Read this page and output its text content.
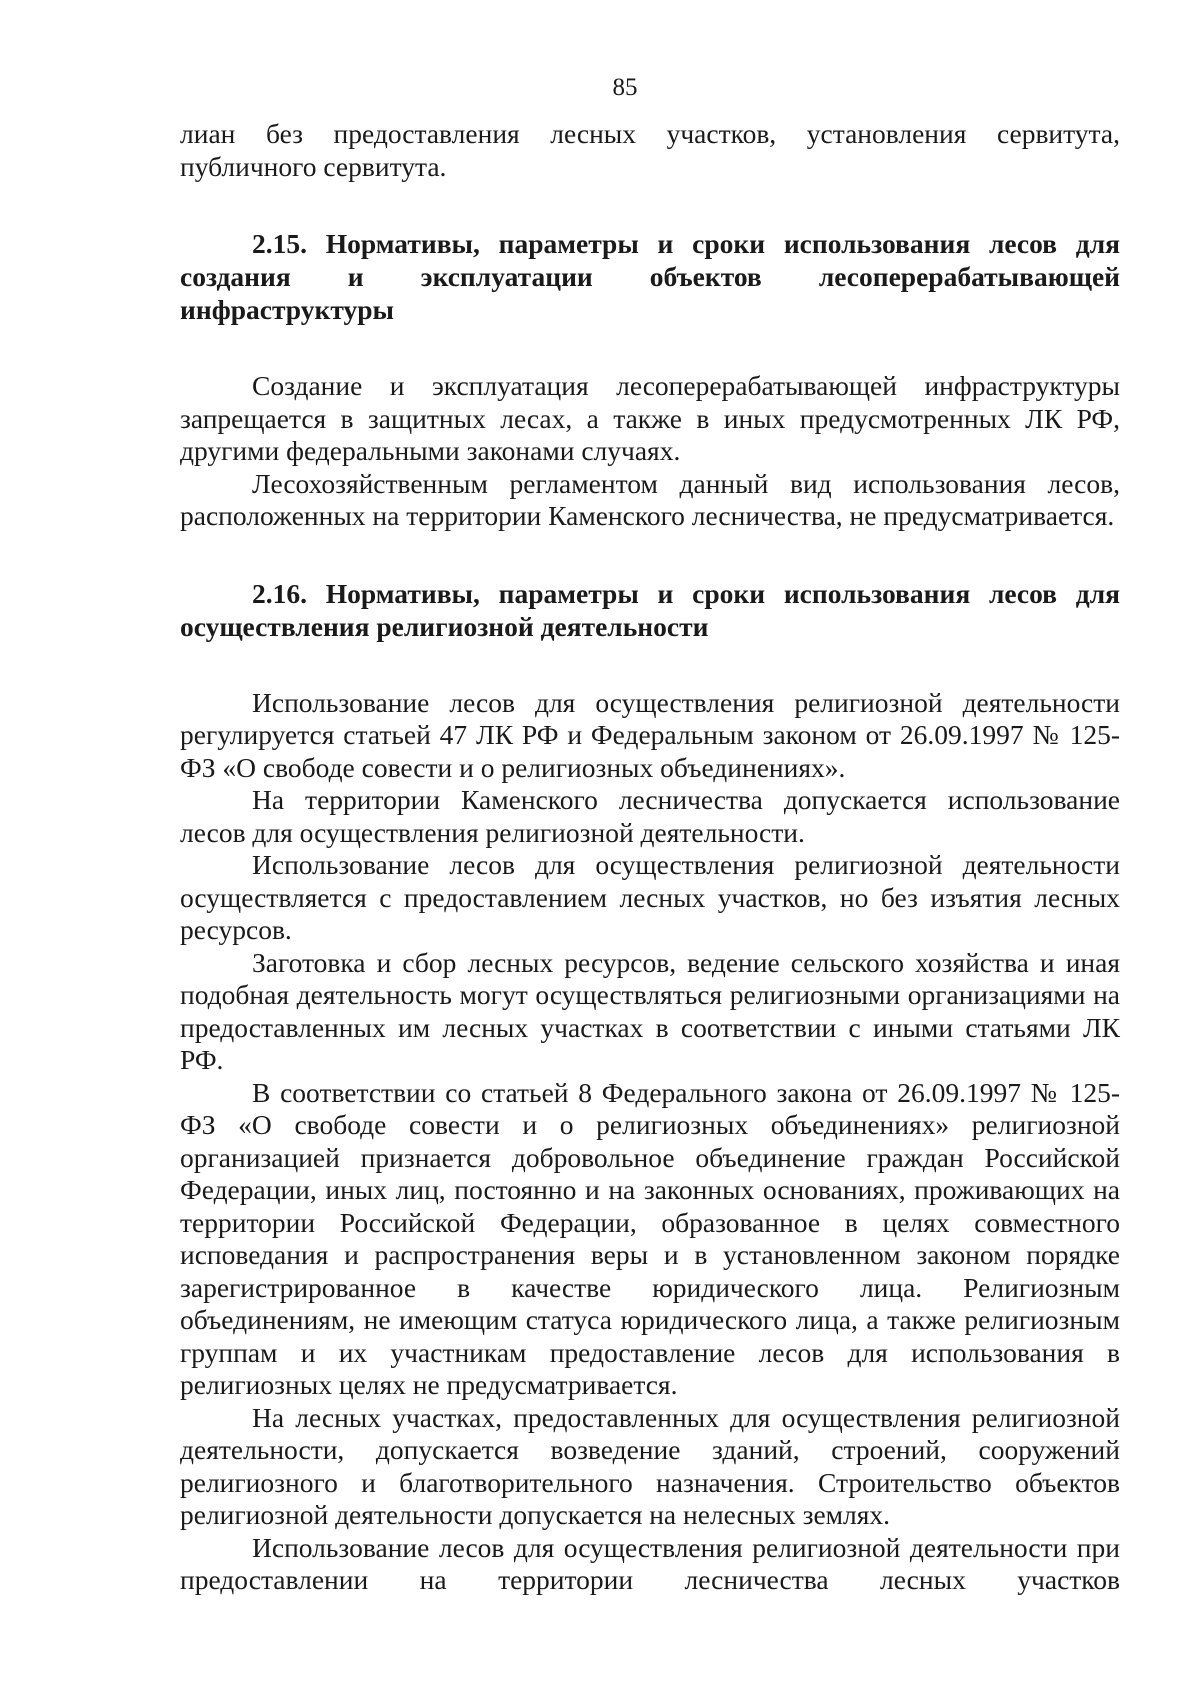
85

лиан без предоставления лесных участков, установления сервитута, публичного сервитута.

2.15. Нормативы, параметры и сроки использования лесов для создания и эксплуатации объектов лесоперерабатывающей инфраструктуры

Создание и эксплуатация лесоперерабатывающей инфраструктуры запрещается в защитных лесах, а также в иных предусмотренных ЛК РФ, другими федеральными законами случаях.

Лесохозяйственным регламентом данный вид использования лесов, расположенных на территории Каменского лесничества, не предусматривается.

2.16. Нормативы, параметры и сроки использования лесов для осуществления религиозной деятельности

Использование лесов для осуществления религиозной деятельности регулируется статьей 47 ЛК РФ и Федеральным законом от 26.09.1997 № 125-ФЗ «О свободе совести и о религиозных объединениях».

На территории Каменского лесничества допускается использование лесов для осуществления религиозной деятельности.

Использование лесов для осуществления религиозной деятельности осуществляется с предоставлением лесных участков, но без изъятия лесных ресурсов.

Заготовка и сбор лесных ресурсов, ведение сельского хозяйства и иная подобная деятельность могут осуществляться религиозными организациями на предоставленных им лесных участках в соответствии с иными статьями ЛК РФ.

В соответствии со статьей 8 Федерального закона от 26.09.1997 № 125-ФЗ «О свободе совести и о религиозных объединениях» религиозной организацией признается добровольное объединение граждан Российской Федерации, иных лиц, постоянно и на законных основаниях, проживающих на территории Российской Федерации, образованное в целях совместного исповедания и распространения веры и в установленном законом порядке зарегистрированное в качестве юридического лица. Религиозным объединениям, не имеющим статуса юридического лица, а также религиозным группам и их участникам предоставление лесов для использования в религиозных целях не предусматривается.

На лесных участках, предоставленных для осуществления религиозной деятельности, допускается возведение зданий, строений, сооружений религиозного и благотворительного назначения. Строительство объектов религиозной деятельности допускается на нелесных землях.

Использование лесов для осуществления религиозной деятельности при предоставлении на территории лесничества лесных участков
